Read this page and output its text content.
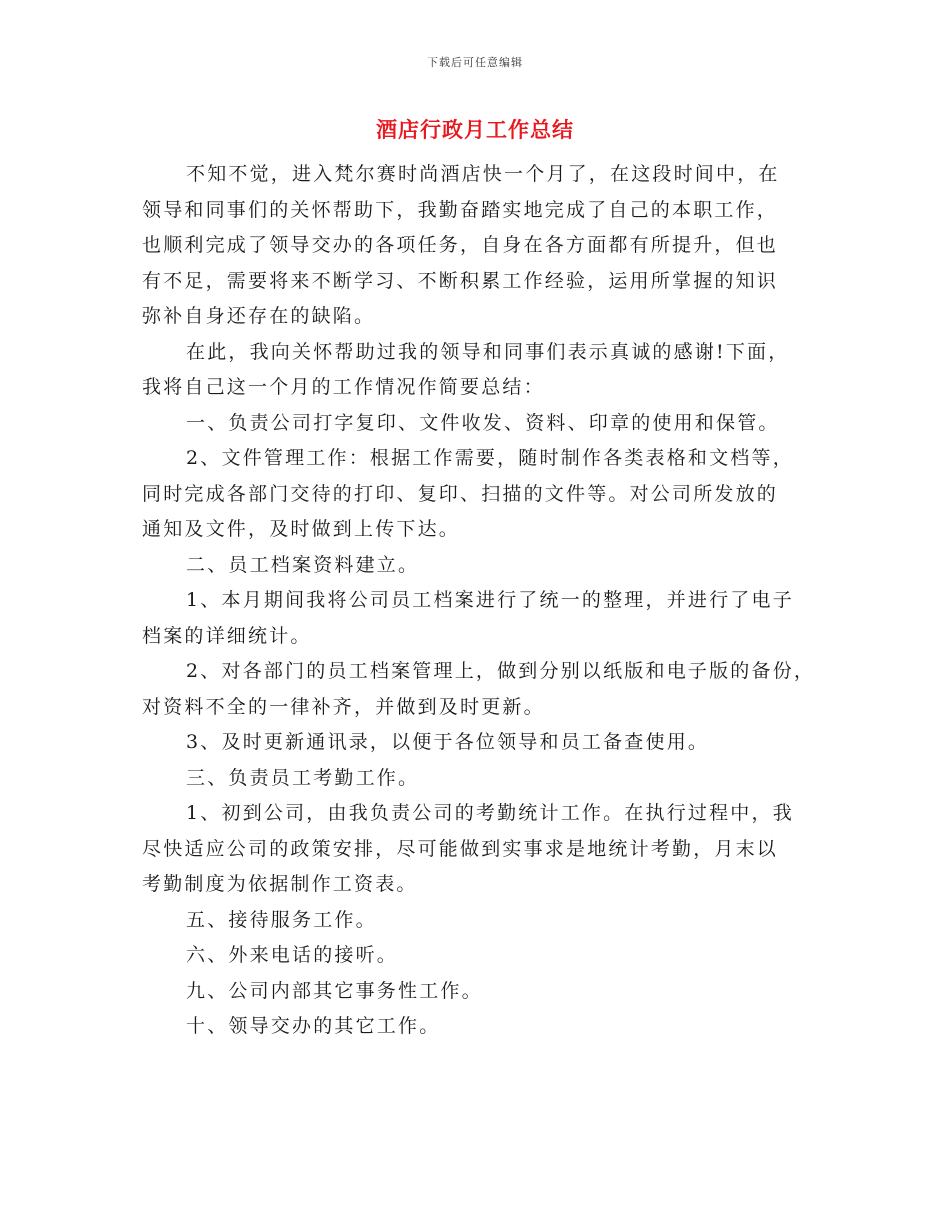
下载后可任意编辑
酒店行政月工作总结
不知不觉，进入梵尔赛时尚酒店快一个月了，在这段时间中，在
领导和同事们的关怀帮助下，我勤奋踏实地完成了自己的本职工作，
也顺利完成了领导交办的各项任务，自身在各方面都有所提升，但也
有不足，需要将来不断学习、不断积累工作经验，运用所掌握的知识
弥补自身还存在的缺陷。
在此，我向关怀帮助过我的领导和同事们表示真诚的感谢!下面，
我将自己这一个月的工作情况作简要总结：
一、负责公司打字复印、文件收发、资料、印章的使用和保管。
2、文件管理工作：根据工作需要，随时制作各类表格和文档等，
同时完成各部门交待的打印、复印、扫描的文件等。对公司所发放的
通知及文件，及时做到上传下达。
二、员工档案资料建立。
1、本月期间我将公司员工档案进行了统一的整理，并进行了电子
档案的详细统计。
2、对各部门的员工档案管理上，做到分别以纸版和电子版的备份，
对资料不全的一律补齐，并做到及时更新。
3、及时更新通讯录，以便于各位领导和员工备查使用。
三、负责员工考勤工作。
1、初到公司，由我负责公司的考勤统计工作。在执行过程中，我
尽快适应公司的政策安排，尽可能做到实事求是地统计考勤，月末以
考勤制度为依据制作工资表。
五、接待服务工作。
六、外来电话的接听。
九、公司内部其它事务性工作。
十、领导交办的其它工作。
